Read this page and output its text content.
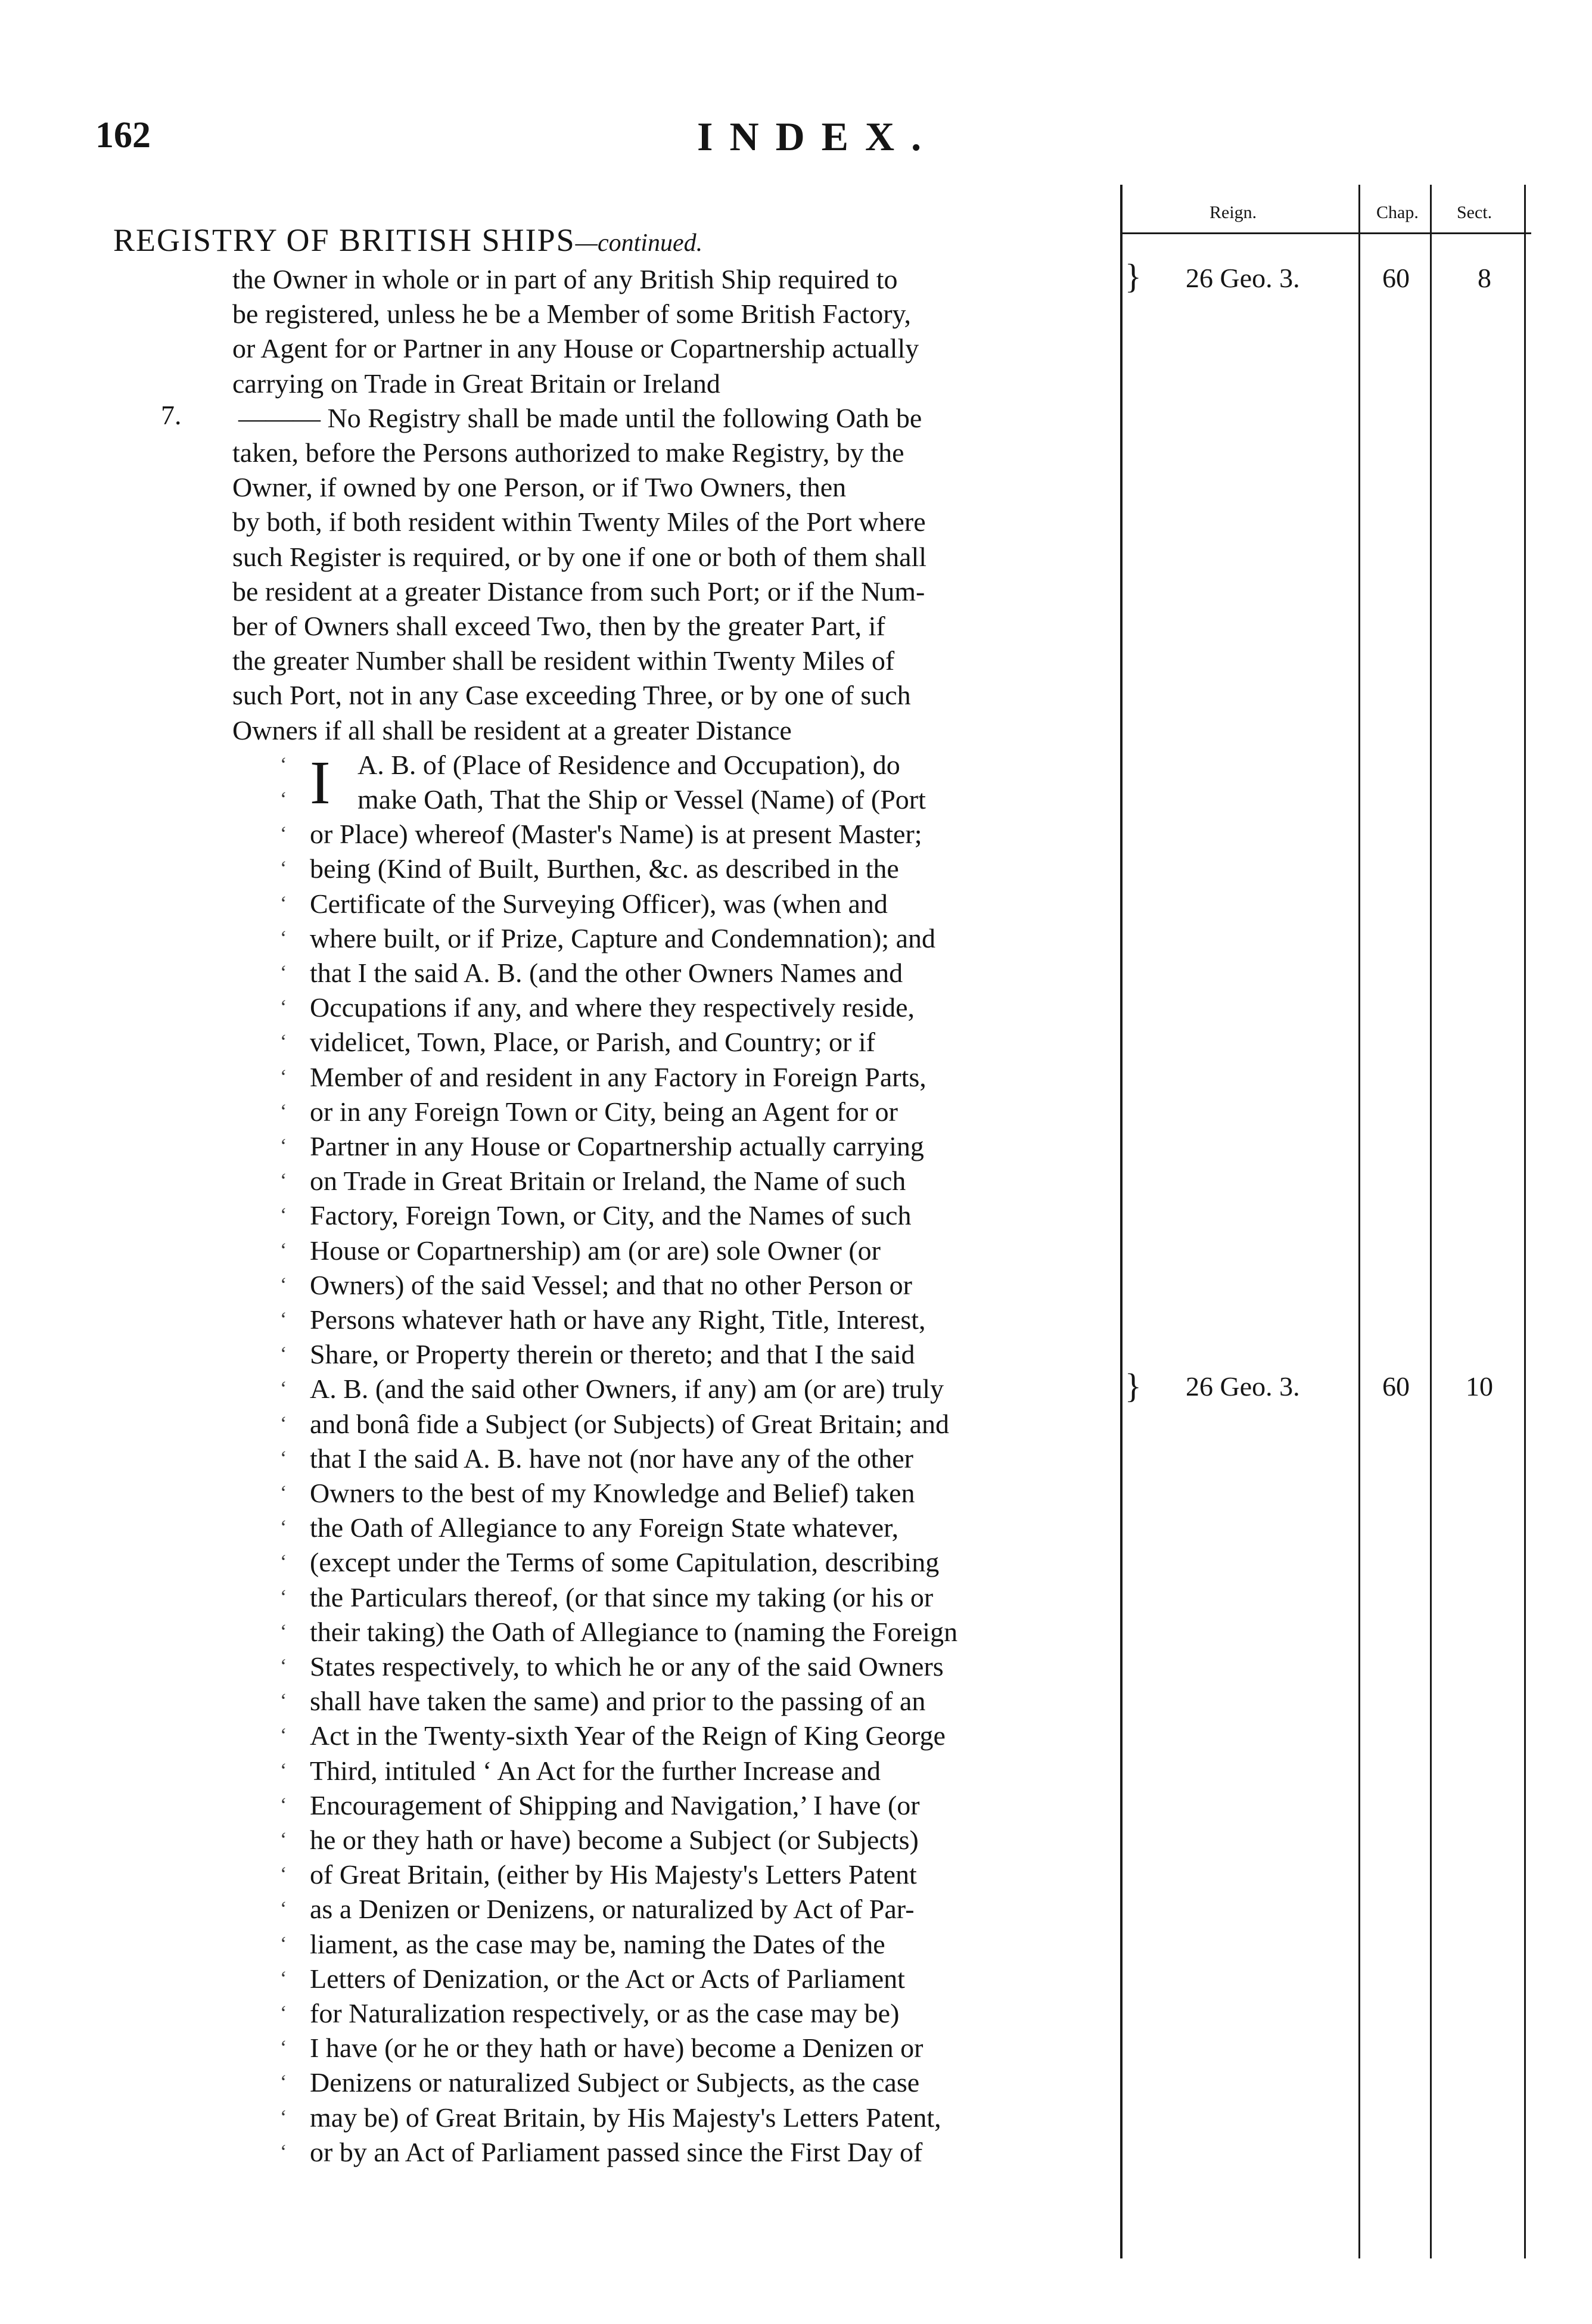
162	INDEX.
Reign.	Chap. Sect.
REGISTRY OF BRITISH SHIPS—continued.
7.
I
the Owner in whole or in part of any British Ship required to
be registered, unless he be a Member of some British Factory,
or Agent for or Partner in any House or Copartnership actually
carrying on Trade in Great Britain or Ireland
——— No Registry shall be made until the following Oath be
taken, before the Persons authorized to make Registry, by the
Owner, if owned by one Person, or if Two Owners, then
by both, if both resident within Twenty Miles of the Port where
such Register is required, or by one if one or both of them shall
be resident at a greater Distance from such Port; or if the Num-
ber of Owners shall exceed Two, then by the greater Part, if
the greater Number shall be resident within Twenty Miles of
such Port, not in any Case exceeding Three, or by one of such
Owners if all shall be resident at a greater Distance
A. B. of (Place of Residence and Occupation), do
make Oath, That the Ship or Vessel (Name) of (Port
or Place) whereof (Master's Name) is at present Master;
being (Kind of Built, Burthen, &c. as described in the
Certificate of the Surveying Officer), was (when and
where built, or if Prize, Capture and Condemnation); and
that I the said A. B. (and the other Owners Names and
Occupations if any, and where they respectively reside,
videlicet, Town, Place, or Parish, and Country; or if
Member of and resident in any Factory in Foreign Parts,
or in any Foreign Town or City, being an Agent for or
Partner in any House or Copartnership actually carrying
on Trade in Great Britain or Ireland, the Name of such
Factory, Foreign Town, or City, and the Names of such
House or Copartnership) am (or are) sole Owner (or
Owners) of the said Vessel; and that no other Person or
Persons whatever hath or have any Right, Title, Interest,
Share, or Property therein or thereto; and that I the said
A. B. (and the said other Owners, if any) am (or are) truly
and bonâ fide a Subject (or Subjects) of Great Britain; and
that I the said A. B. have not (nor have any of the other
Owners to the best of my Knowledge and Belief) taken
the Oath of Allegiance to any Foreign State whatever,
(except under the Terms of some Capitulation, describing
the Particulars thereof, (or that since my taking (or his or
their taking) the Oath of Allegiance to (naming the Foreign
States respectively, to which he or any of the said Owners
shall have taken the same) and prior to the passing of an
Act in the Twenty-sixth Year of the Reign of King George
Third, intituled ‘ An Act for the further Increase and
Encouragement of Shipping and Navigation,’ I have (or
he or they hath or have) become a Subject (or Subjects)
of Great Britain, (either by His Majesty's Letters Patent
as a Denizen or Denizens, or naturalized by Act of Par-
liament, as the case may be, naming the Dates of the
Letters of Denization, or the Act or Acts of Parliament
for Naturalization respectively, or as the case may be)
I have (or he or they hath or have) become a Denizen or
Denizens or naturalized Subject or Subjects, as the case
may be) of Great Britain, by His Majesty's Letters Patent,
or by an Act of Parliament passed since the First Day of
‘
‘
‘
‘
‘
‘
‘
‘
‘
‘
‘
‘
‘
‘
‘
‘
‘
‘
‘
‘
‘
‘
‘
‘
‘
‘
‘
‘
‘
‘
‘
‘
‘
‘
‘
‘
‘
‘
‘
‘
‘
} 26 Geo. 3.	60 8
} 26 Geo. 3.	60 10
